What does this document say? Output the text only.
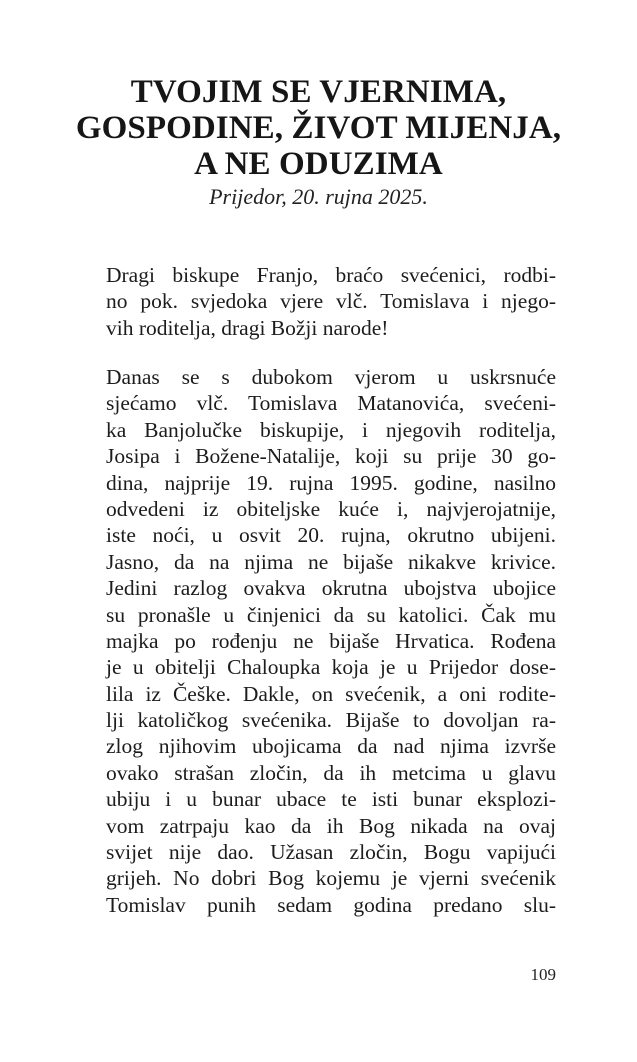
TVOJIM SE VJERNIMA,
GOSPODINE, ŽIVOT MIJENJA,
A NE ODUZIMA
Prijedor, 20. rujna 2025.
Dragi biskupe Franjo, braćo svećenici, rodbi-
no pok. svjedoka vjere vlč. Tomislava i njego-
vih roditelja, dragi Božji narode!
Danas se s dubokom vjerom u uskrsnuće
sjećamo vlč. Tomislava Matanovića, svećeni-
ka Banjolučke biskupije, i njegovih roditelja,
Josipa i Božene-Natalije, koji su prije 30 go-
dina, najprije 19. rujna 1995. godine, nasilno
odvedeni iz obiteljske kuće i, najvjerojatnije,
iste noći, u osvit 20. rujna, okrutno ubijeni.
Jasno, da na njima ne bijaše nikakve krivice.
Jedini razlog ovakva okrutna ubojstva ubojice
su pronašle u činjenici da su katolici. Čak mu
majka po rođenju ne bijaše Hrvatica. Rođena
je u obitelji Chaloupka koja je u Prijedor dose-
lila iz Češke. Dakle, on svećenik, a oni rodite-
lji katoličkog svećenika. Bijaše to dovoljan ra-
zlog njihovim ubojicama da nad njima izvrše
ovako strašan zločin, da ih metcima u glavu
ubiju i u bunar ubace te isti bunar eksplozi-
vom zatrpaju kao da ih Bog nikada na ovaj
svijet nije dao. Užasan zločin, Bogu vapijući
grijeh. No dobri Bog kojemu je vjerni svećenik
Tomislav punih sedam godina predano slu-
109
